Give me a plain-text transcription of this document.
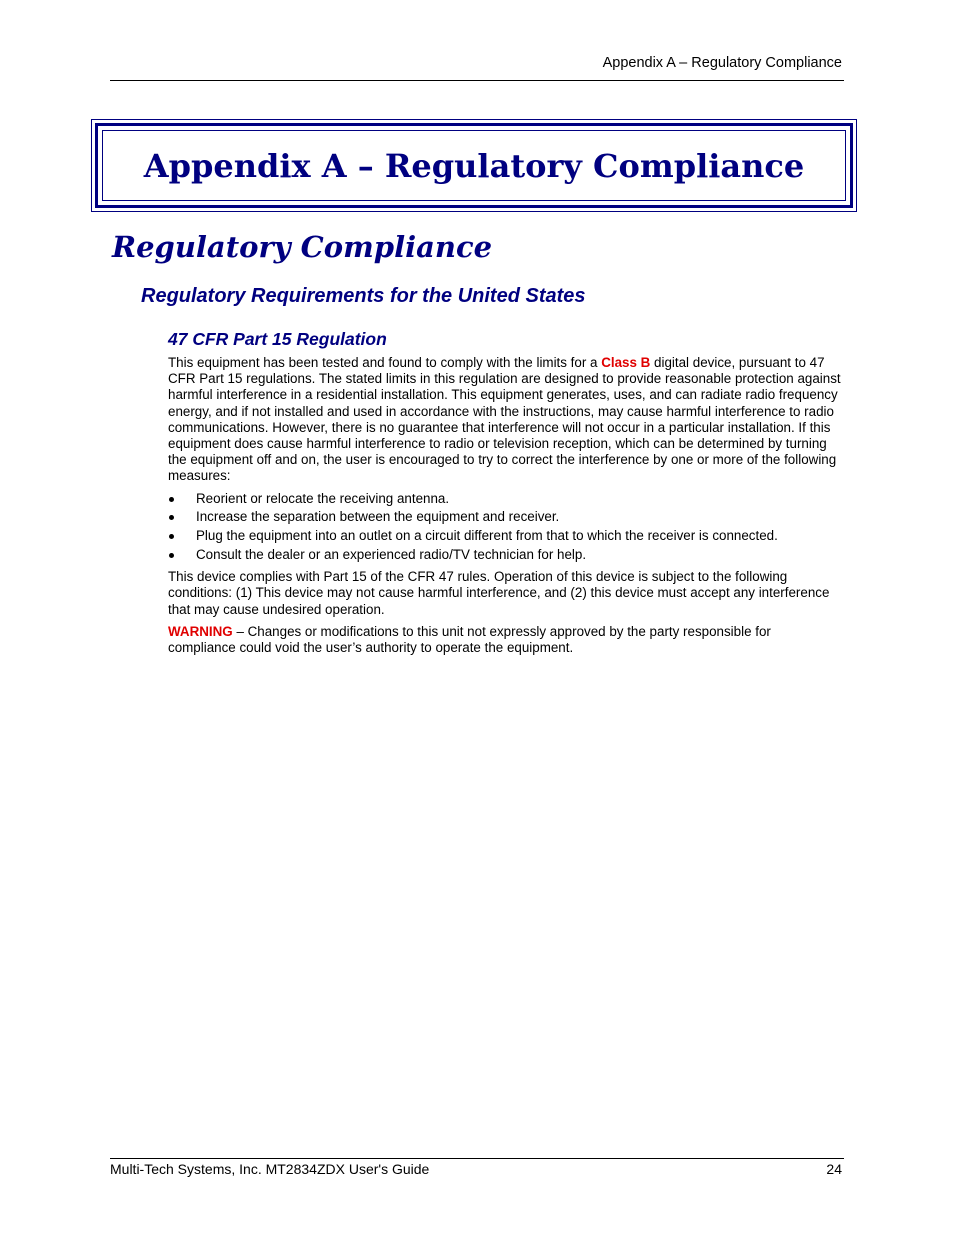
Appendix A – Regulatory Compliance
Appendix A – Regulatory Compliance
Regulatory Compliance
Regulatory Requirements for the United States
47 CFR Part 15 Regulation

This equipment has been tested and found to comply with the limits for a Class B digital device, pursuant to 47 CFR Part 15 regulations. The stated limits in this regulation are designed to provide reasonable protection against harmful interference in a residential installation. This equipment generates, uses, and can radiate radio frequency energy, and if not installed and used in accordance with the instructions, may cause harmful interference to radio communications. However, there is no guarantee that interference will not occur in a particular installation. If this equipment does cause harmful interference to radio or television reception, which can be determined by turning the equipment off and on, the user is encouraged to try to correct the interference by one or more of the following measures:

Reorient or relocate the receiving antenna.
Increase the separation between the equipment and receiver.
Plug the equipment into an outlet on a circuit different from that to which the receiver is connected.
Consult the dealer or an experienced radio/TV technician for help.

This device complies with Part 15 of the CFR 47 rules. Operation of this device is subject to the following conditions: (1) This device may not cause harmful interference, and (2) this device must accept any interference that may cause undesired operation.

WARNING – Changes or modifications to this unit not expressly approved by the party responsible for compliance could void the user’s authority to operate the equipment.

Multi-Tech Systems, Inc. MT2834ZDX User's Guide	24
